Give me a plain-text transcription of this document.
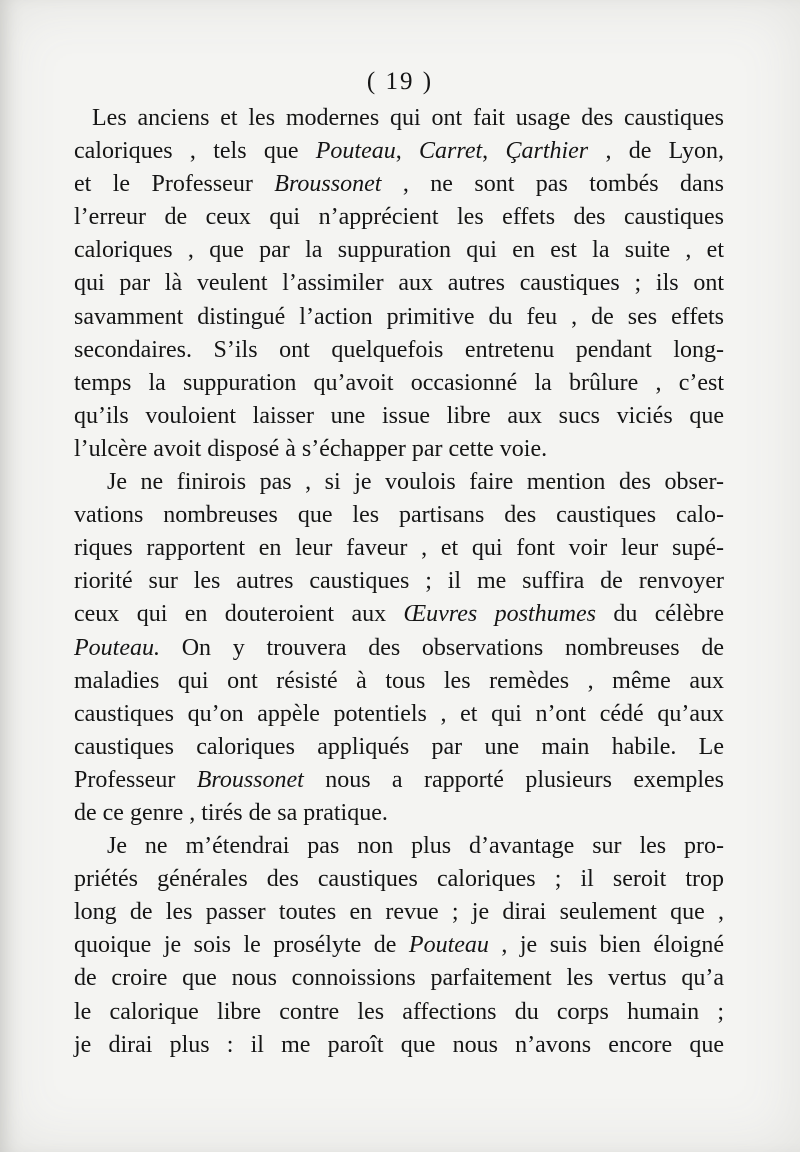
( 19 )
Les anciens et les modernes qui ont fait usage des caustiques
caloriques , tels que Pouteau, Carret, Çarthier , de Lyon,
et le Professeur Broussonet , ne sont pas tombés dans
l’erreur de ceux qui n’apprécient les effets des caustiques
caloriques , que par la suppuration qui en est la suite , et
qui par là veulent l’assimiler aux autres caustiques ; ils ont
savamment distingué l’action primitive du feu , de ses effets
secondaires. S’ils ont quelquefois entretenu pendant long-
temps la suppuration qu’avoit occasionné la brûlure , c’est
qu’ils vouloient laisser une issue libre aux sucs viciés que
l’ulcère avoit disposé à s’échapper par cette voie.
Je ne finirois pas , si je voulois faire mention des obser-
vations nombreuses que les partisans des caustiques calo-
riques rapportent en leur faveur , et qui font voir leur supé-
riorité sur les autres caustiques ; il me suffira de renvoyer
ceux qui en douteroient aux Œuvres posthumes du célèbre
Pouteau. On y trouvera des observations nombreuses de
maladies qui ont résisté à tous les remèdes , même aux
caustiques qu’on appèle potentiels , et qui n’ont cédé qu’aux
caustiques caloriques appliqués par une main habile. Le
Professeur Broussonet nous a rapporté plusieurs exemples
de ce genre , tirés de sa pratique.
Je ne m’étendrai pas non plus d’avantage sur les pro-
priétés générales des caustiques caloriques ; il seroit trop
long de les passer toutes en revue ; je dirai seulement que ,
quoique je sois le prosélyte de Pouteau , je suis bien éloigné
de croire que nous connoissions parfaitement les vertus qu’a
le calorique libre contre les affections du corps humain ;
je dirai plus : il me paroît que nous n’avons encore que
